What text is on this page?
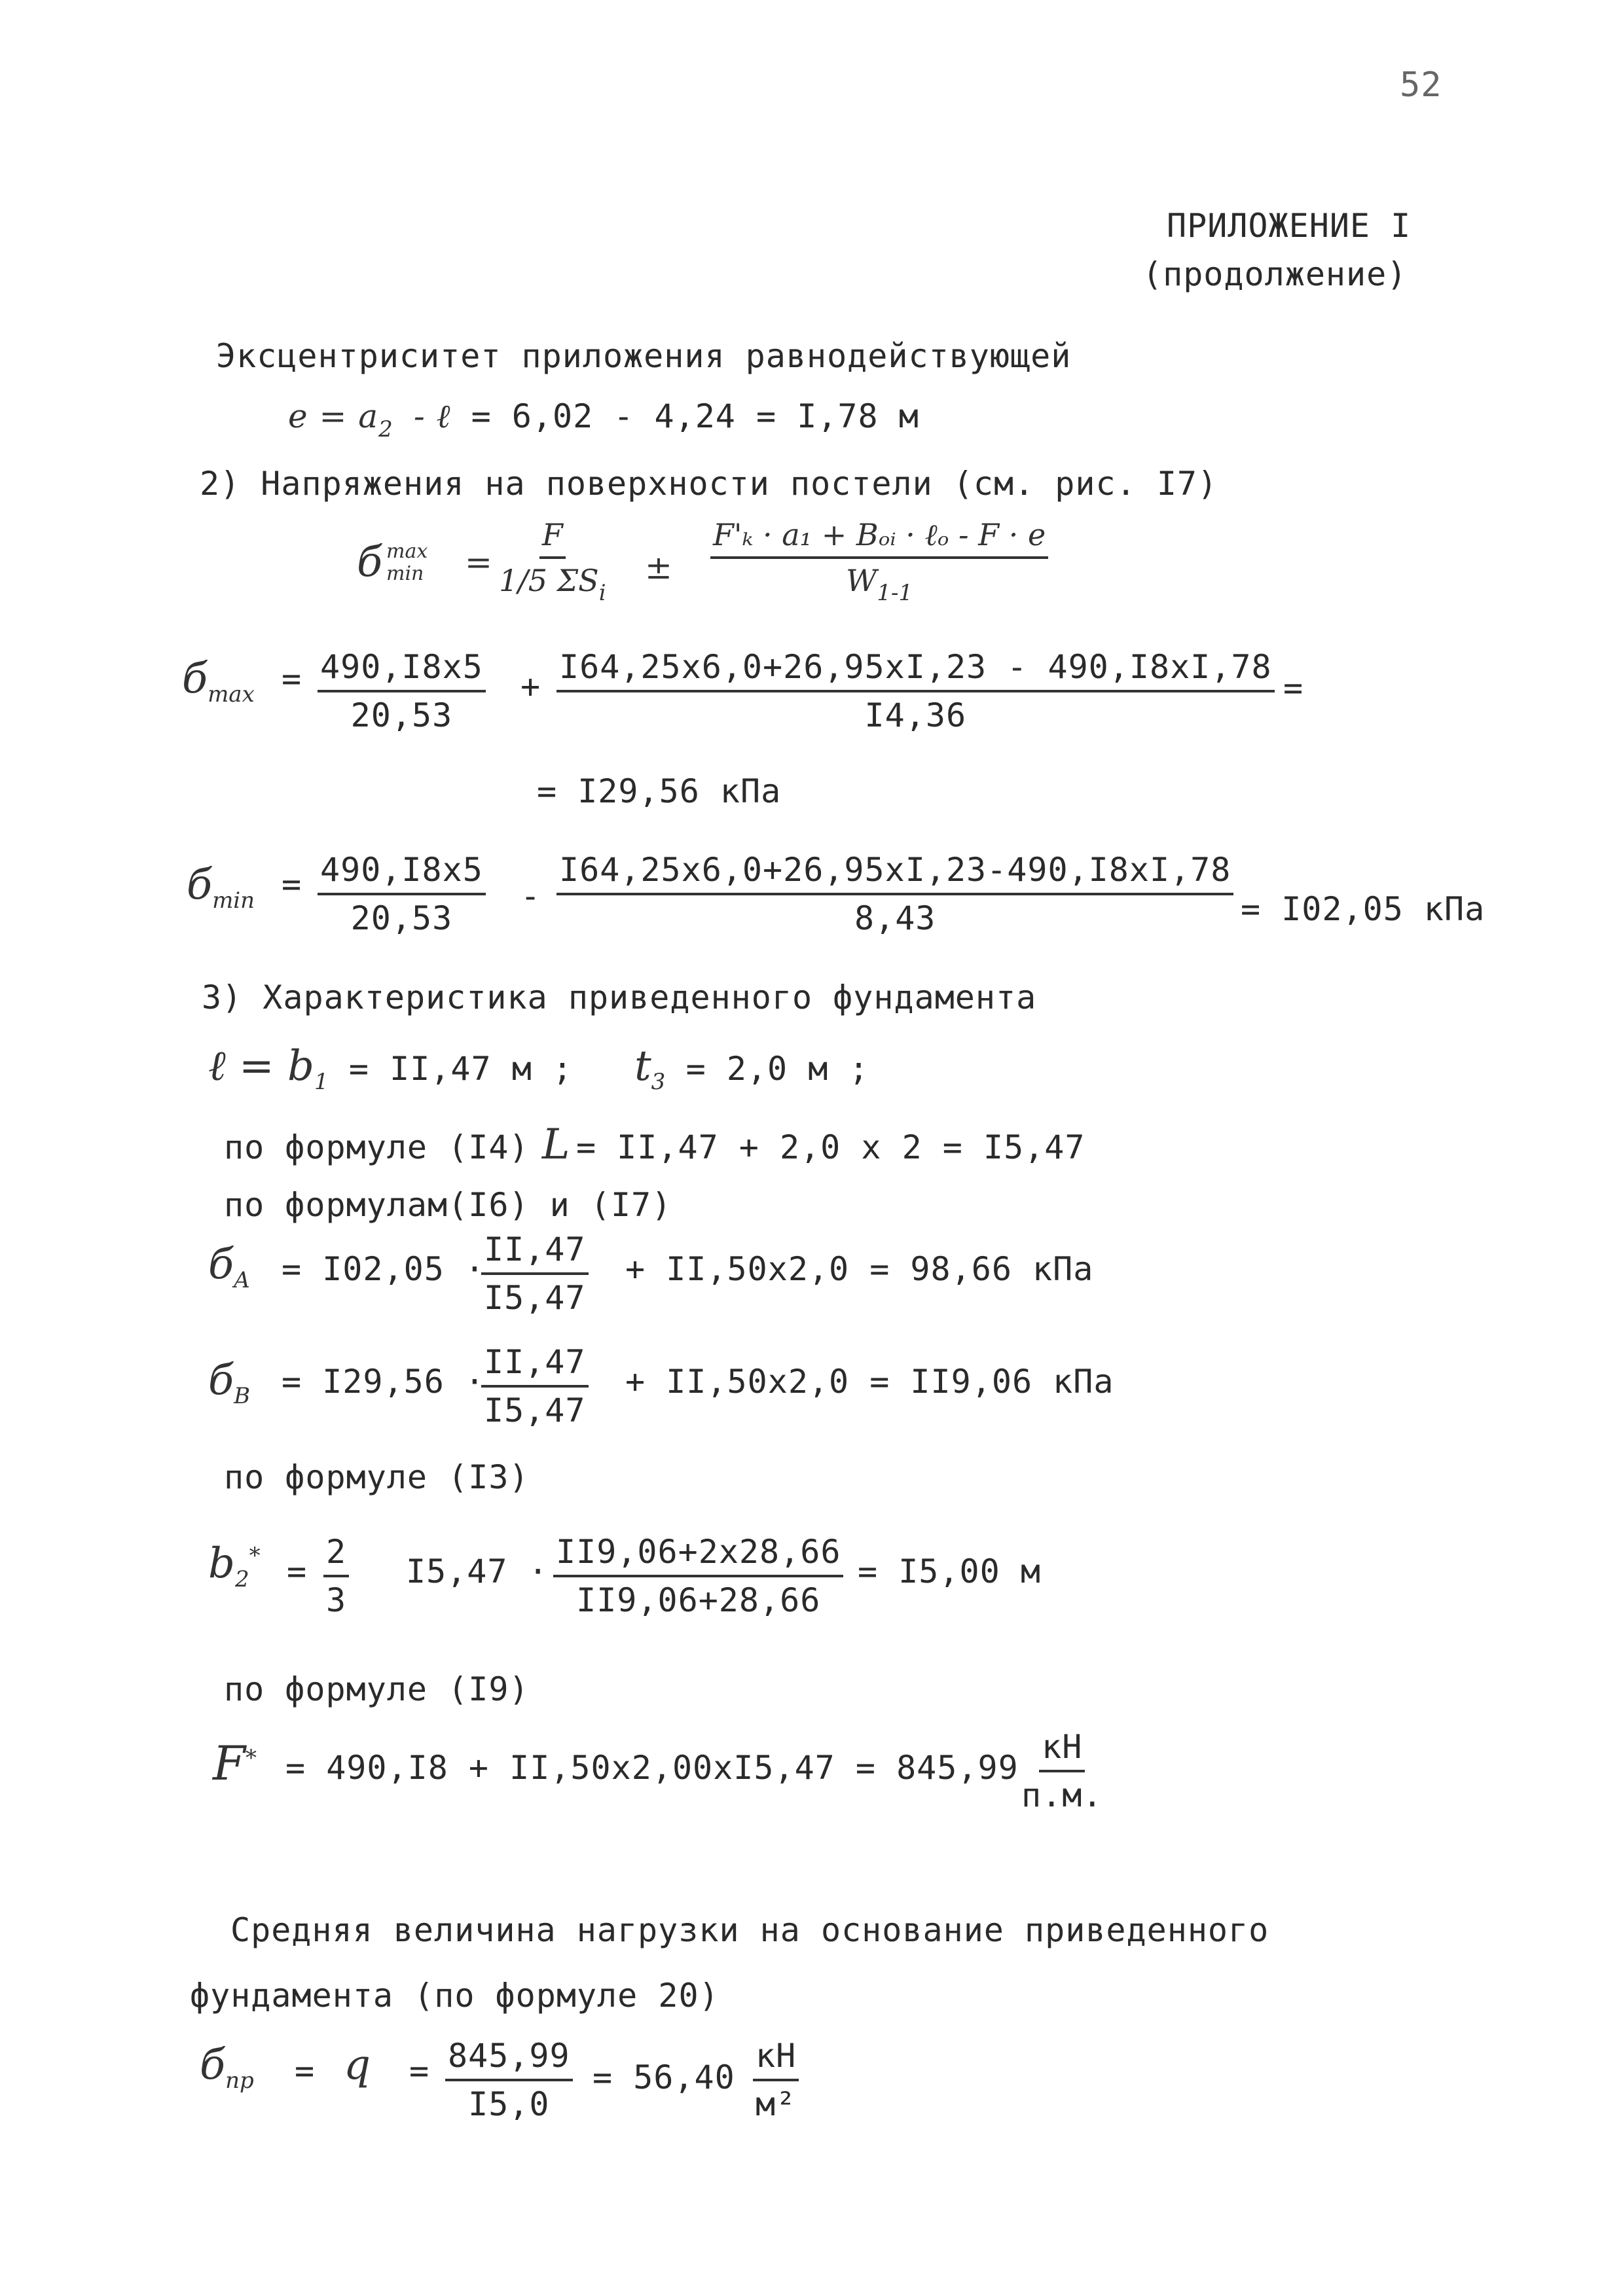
52
ПРИЛОЖЕНИЕ I
(продолжение)
Эксцентриситет приложения равнодействующей
$e = a_2$ - ℓ = 6,02 - 4,24 = I,78 м
2) Напряжения на поверхности постели (см. рис. I7)
б max
min =
F
1/5 $\Sigma S_i$
±
F'ₖ · a₁ + Bₒᵢ · ℓₒ - F · e
$W_{1-1}$
$б_{max} = \frac{490,I8x5}{20,53} + \frac{I64,25x6,0+26,95xI,23 - 490,I8xI,78}{I4,36}$ =
= I29,56 кПа
$б_{min} = \frac{490,I8x5}{20,53} - \frac{I64,25x6,0+26,95xI,23-490,I8xI,78}{8,43} = I02,05$ кПа
3) Характеристика приведенного фундамента
ℓ = $b_1 = II,47$ м ; $t_3 = 2,0$ м ;
по формуле (I4) L = II,47 + 2,0 x 2 = I5,47
по формулам(I6) и (I7)
$б_A = I02,05$ ·
$\frac{II,47}{I5,47} + II,50x2,0 = 98,66$ кПа
$б_B = I29,56$ ·
$\frac{II,47}{I5,47} + II,50x2,0 = II9,06$ кПа
по формуле (I3)
$b_2^* = \frac{2}{3} I5,47 \cdot \frac{II9,06+2x28,66}{II9,06+28,66} = I5,00$ м
по формуле (I9)
F* = 490,I8 + II,50x2,00xI5,47 = 845,99
кН
п.м.
Средняя величина нагрузки на основание приведенного
фундамента (по формуле 20)
$б_{пр} = q = \frac{845,99}{I5,0} = 56,40$
кН
м²
